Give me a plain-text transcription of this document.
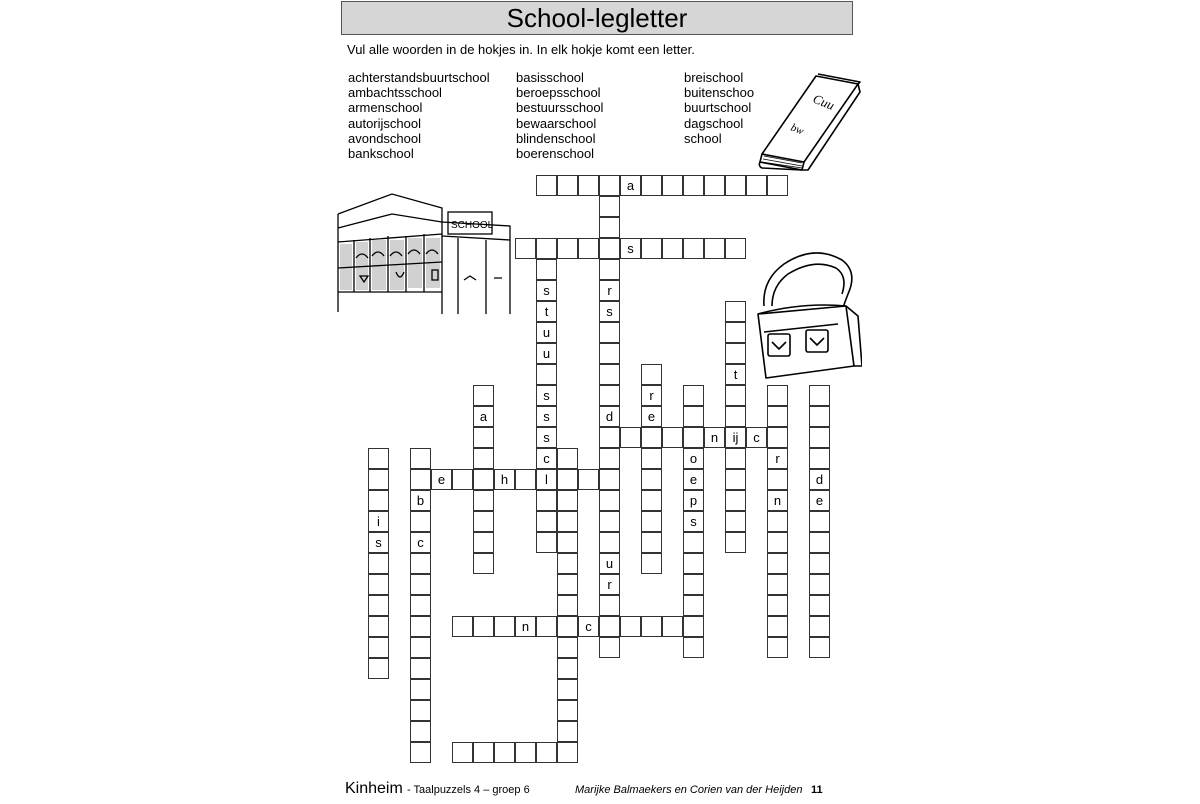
School-legletter
Vul alle woorden in de hokjes in. In elk hokje komt een letter.
achterstandsbuurtschool
ambachtsschool
armenschool
autorijschool
avondschool
bankschool
basisschool
beroepsschool
bestuursschool
bewaarschool
blindenschool
boerenschool
breischool
buitenschoo
buurtschool
dagschool
school
Cuu
bw
SCHOOL
a
s
r
s
d
u
r
s
t
u
u
s
s
s
c
l
t
ij
r
e
n	c
a
o
e
p
s
r
n
d
e
i
s
b
c
e	h
n	c
Kinheim - Taalpuzzels 4 – groep 6	Marijke Balmaekers en Corien van der Heijden 11
